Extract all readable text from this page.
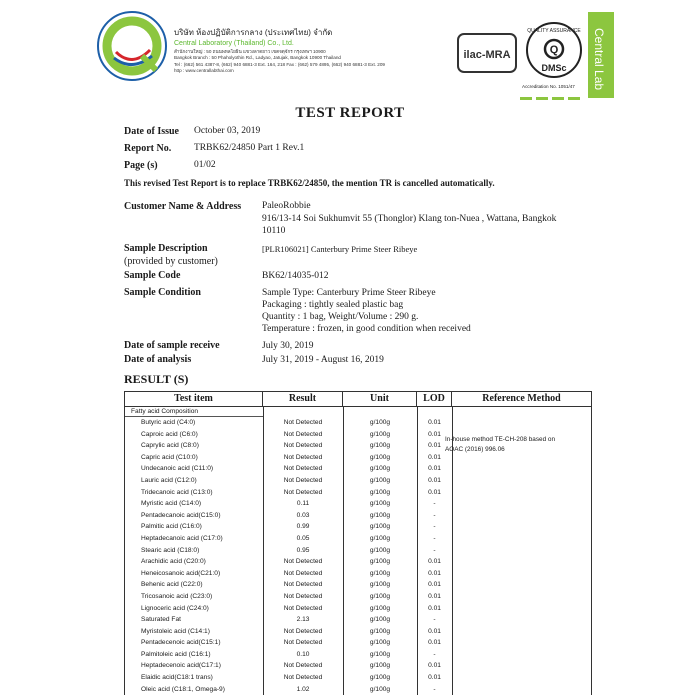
บริษัท ห้องปฏิบัติการกลาง (ประเทศไทย) จำกัด
Central Laboratory (Thailand) Co., Ltd.
สำนักงานใหญ่ : 50 ถนนพหลโยธิน แขวงลาดยาว เขตจตุจักร กรุงเทพฯ 10900
Bangkok Branch : 50 Phaholyothin Rd., Ladyao, Jatujak, Bangkok 10900 Thailand
Tel : (662) 561 4387-8, (662) 940 6881-3 Ext. 164, 218 Fax : (662) 579 4895, (662) 940 6881-3 Ext. 209
http : www.centrallabthai.com
ilac-MRA
QUALITY ASSURANCE
Q
DMSc
Accreditation No. 1051/47 Central Lab
TEST REPORT
Date of Issue October 03, 2019
Report No. TRBK62/24850 Part 1 Rev.1
Page (s)	01/02
This revised Test Report is to replace TRBK62/24850, the mention TR is cancelled automatically.
Customer Name & Address PaleoRobbie
916/13-14 Soi Sukhumvit 55 (Thonglor) Klang ton-Nuea , Wattana, Bangkok
10110
Sample Description
(provided by customer)
[PLR106021] Canterbury Prime Steer Ribeye
Sample Code	BK62/14035-012
Sample Condition	Sample Type: Canterbury Prime Steer Ribeye
Packaging : tightly sealed plastic bag
Quantity : 1 bag, Weight/Volume : 290 g.
Temperature : frozen, in good condition when received
Date of sample receive	July 30, 2019
Date of analysis	July 31, 2019 - August 16, 2019
RESULT (S)
Test item	Result	Unit	LOD	Reference Method
Fatty acid Composition
Butyric acid (C4:0)	Not Detected	g/100g	0.01
Caproic acid (C6:0)	Not Detected	g/100g	0.01
Caprylic acid (C8:0)	Not Detected	g/100g	0.01
Capric acid (C10:0)	Not Detected	g/100g	0.01
Undecanoic acid (C11:0)	Not Detected	g/100g	0.01
Lauric acid (C12:0)	Not Detected	g/100g	0.01
Tridecanoic acid (C13:0)	Not Detected	g/100g	0.01
Myristic acid (C14:0)	0.11	g/100g	-
Pentadecanoic acid(C15:0)	0.03	g/100g	-
Palmitic acid (C16:0)	0.99	g/100g	-
Heptadecanoic acid (C17:0)	0.05	g/100g	-
Stearic acid (C18:0)	0.95	g/100g	-
Arachidic acid (C20:0)	Not Detected	g/100g	0.01
Heneicosanoic acid(C21:0)	Not Detected	g/100g	0.01
Behenic acid (C22:0)	Not Detected	g/100g	0.01
Tricosanoic acid (C23:0)	Not Detected	g/100g	0.01
Lignoceric acid (C24:0)	Not Detected	g/100g	0.01
Saturated Fat	2.13	g/100g	-
Myristoleic acid (C14:1)	Not Detected	g/100g	0.01
Pentadecenoic acid(C15:1)	Not Detected	g/100g	0.01
Palmitoleic acid (C16:1)	0.10	g/100g	-
Heptadecenoic acid(C17:1)	Not Detected	g/100g	0.01
Elaidic acid(C18:1 trans)	Not Detected	g/100g	0.01
Oleic acid (C18:1, Omega-9)	1.02	g/100g	-
In-house method TE-CH-208 based on
AOAC (2016) 996.06
